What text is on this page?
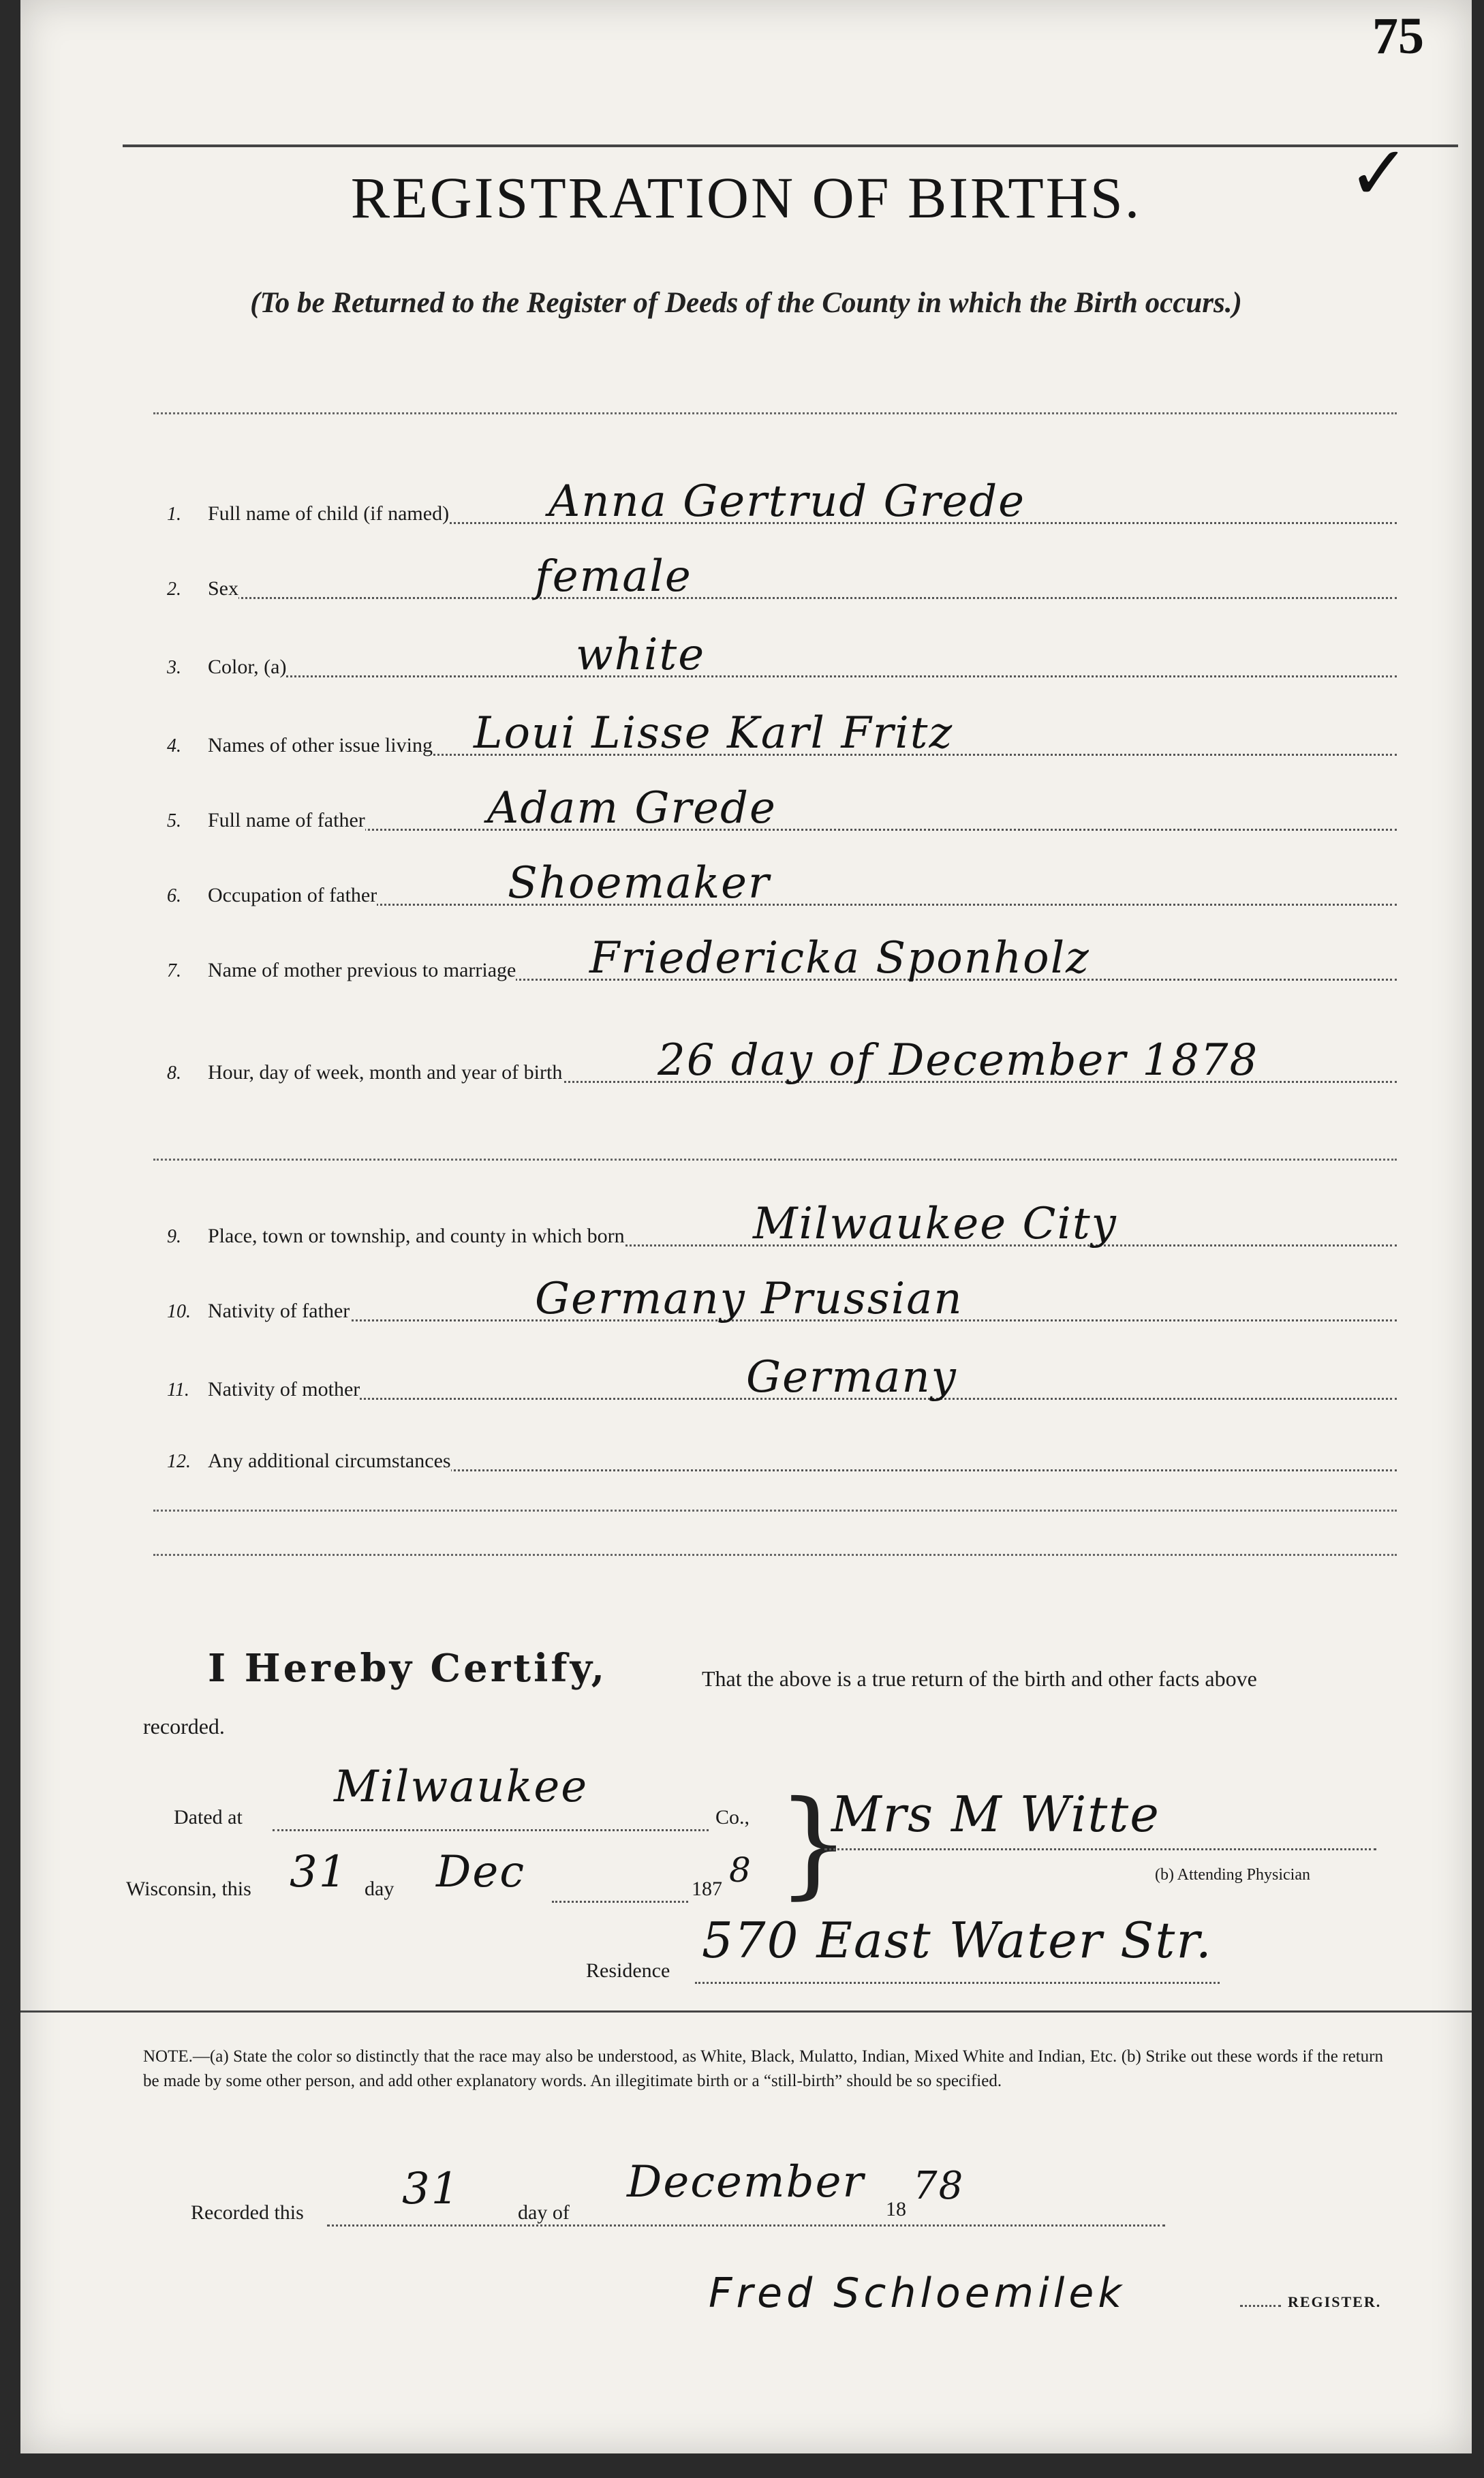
75
✓
REGISTRATION OF BIRTHS.
(To be Returned to the Register of Deeds of the County in which the Birth occurs.)
1. Full name of child (if named) Anna Gertrud Grede
2. Sex	female
3. Color, (a)	white
4. Names of other issue living Loui Lisse Karl Fritz
5. Full name of father	Adam Grede
6. Occupation of father	Shoemaker
7. Name of mother previous to marriage Friedericka Sponholz
8. Hour, day of week, month and year of birth 26 day of December 1878
9. Place, town or township, and county in which born	Milwaukee City
10. Nativity of father	Germany Prussian
11. Nativity of mother	Germany
12. Any additional circumstances
I Hereby Certify,	That the above is a true return of the birth and other facts above
recorded.
Dated at
Milwaukee
Co.,
Wisconsin, this 31 day Dec	187 8 }
Mrs M Witte
(b) Attending Physician
Residence
570 East Water Str.
NOTE.—(a) State the color so distinctly that the race may also be understood, as White, Black, Mulatto, Indian, Mixed White and Indian, Etc. (b) Strike out these words if the return be made by some other person, and add other explanatory words. An illegitimate birth or a “still-birth” should be so specified.
Recorded this 31	day of
December
18
78
Fred Schloemilek	REGISTER.
